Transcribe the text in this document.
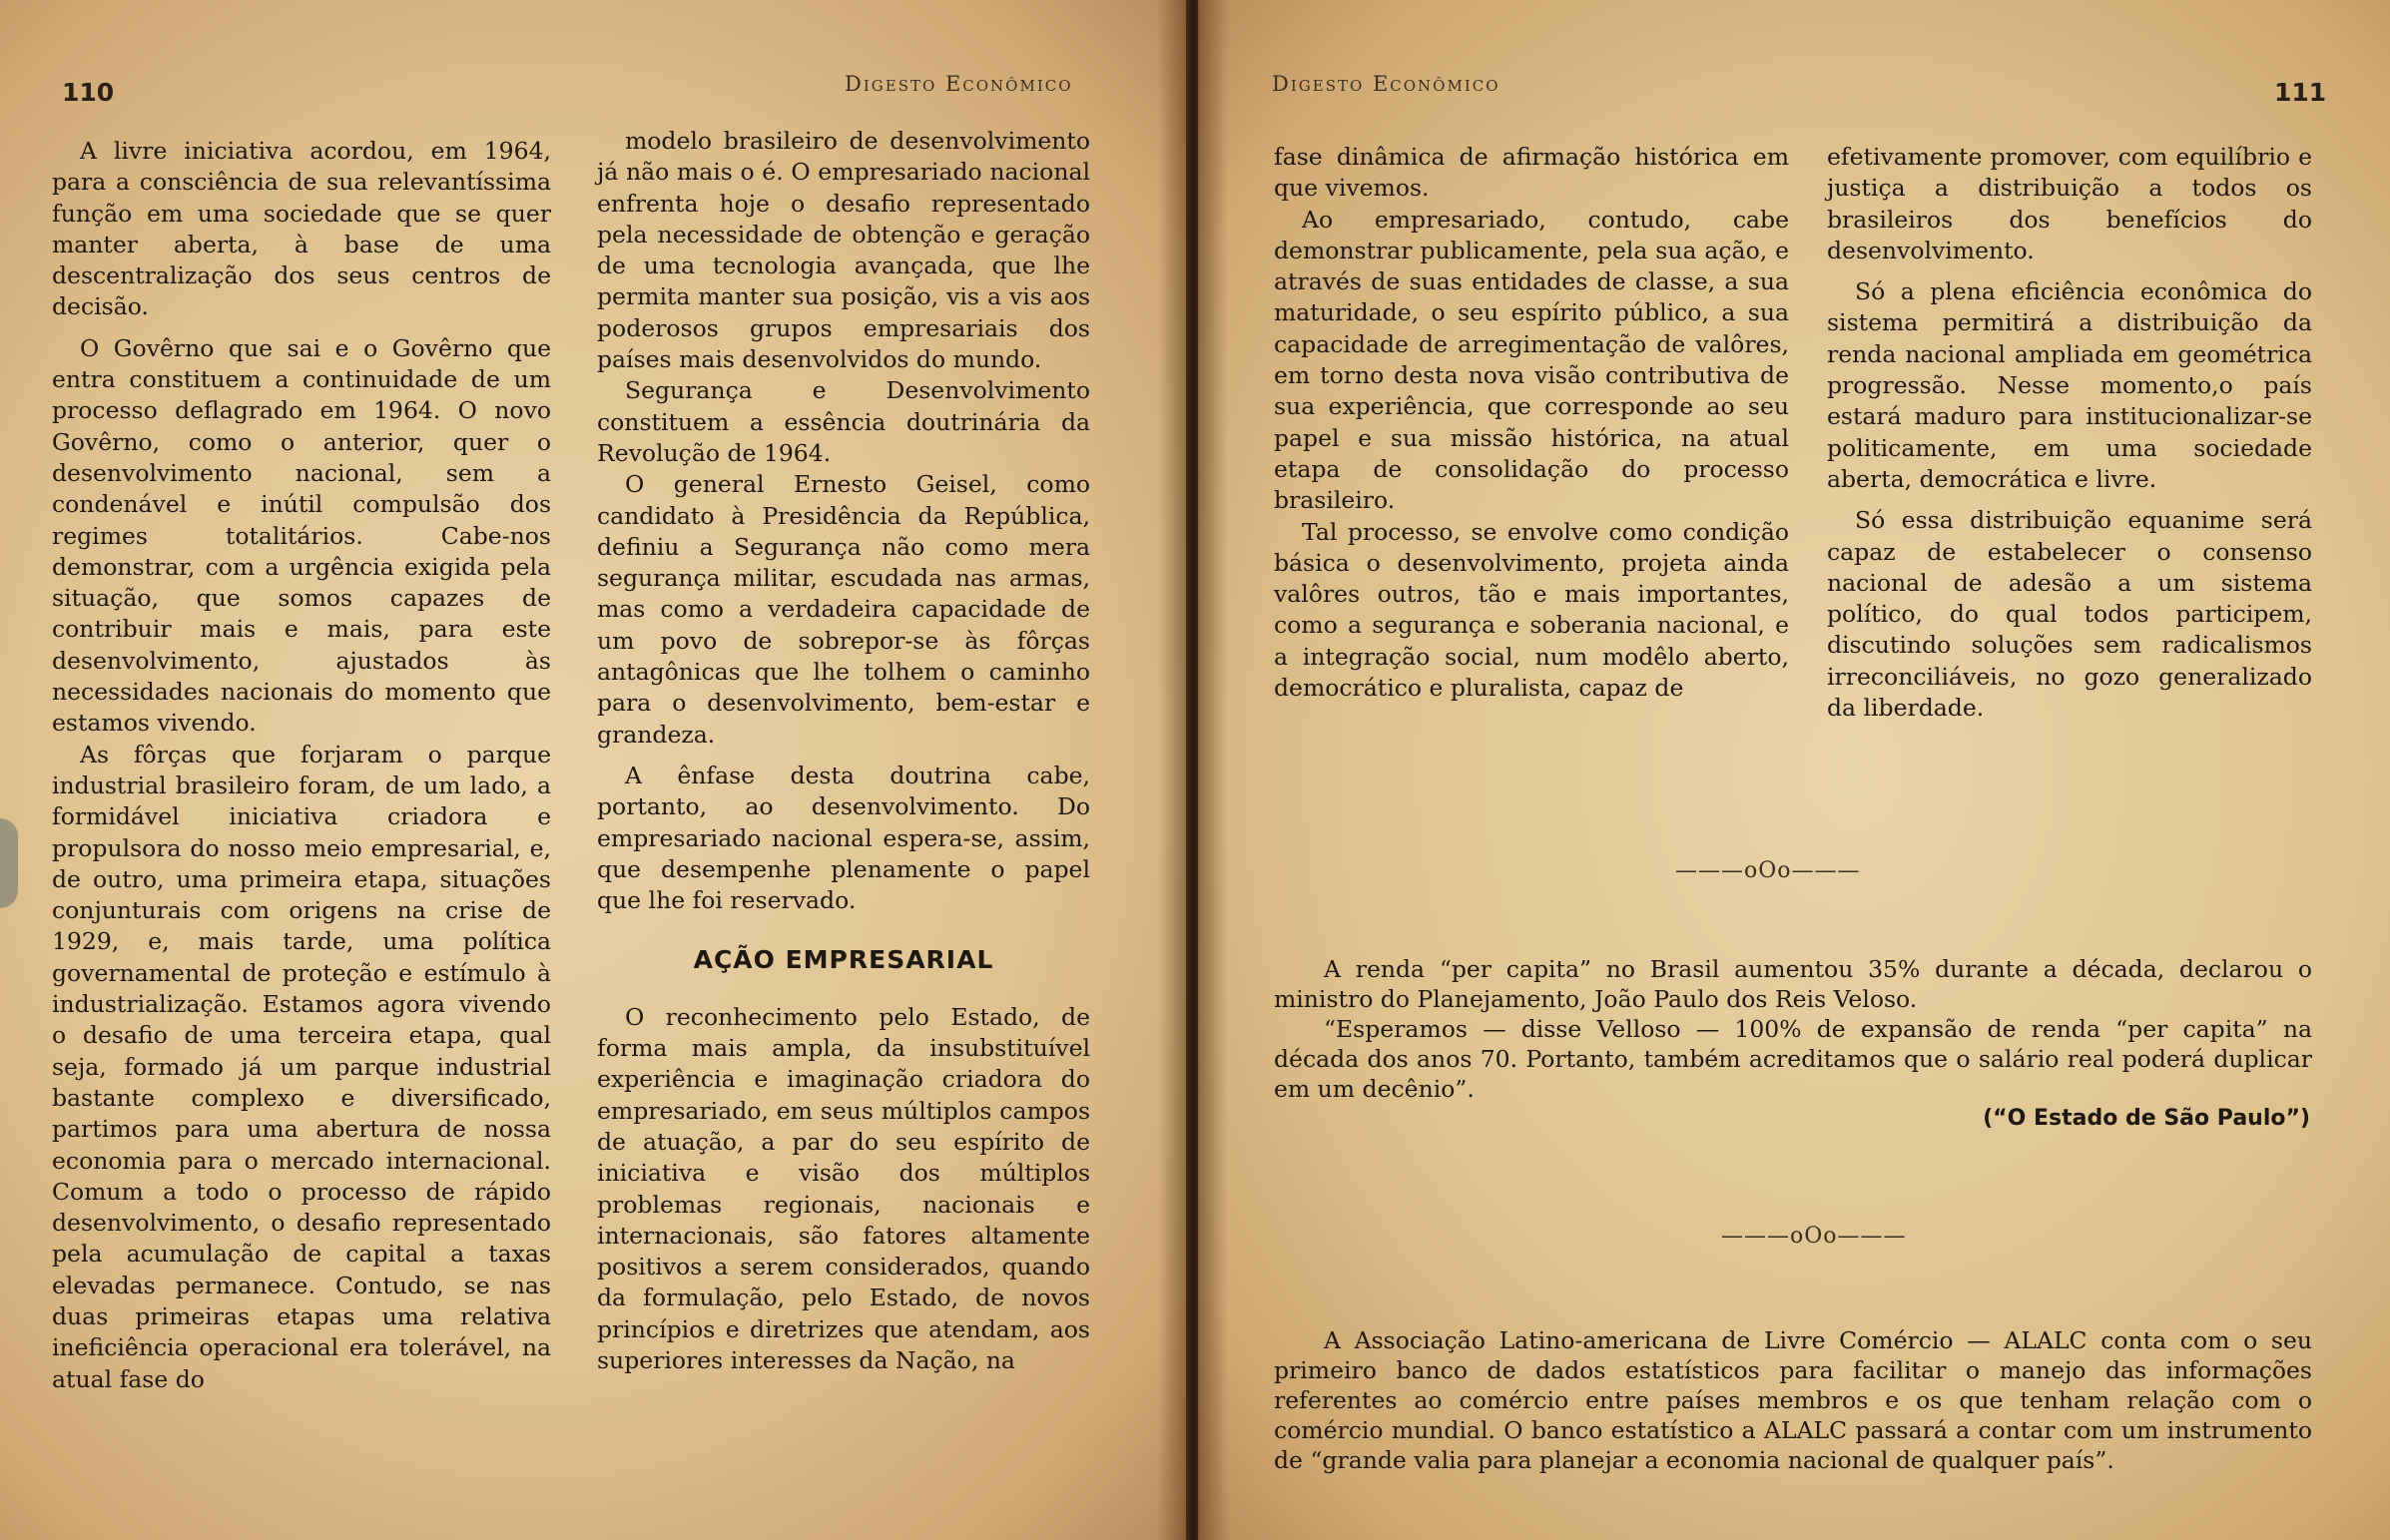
110	Digesto Econômico

A livre iniciativa acordou, em 1964, para a consciência de sua relevantíssima função em uma sociedade que se quer manter aberta, à base de uma descentralização dos seus centros de decisão.

O Govêrno que sai e o Govêrno que entra constituem a continuidade de um processo deflagrado em 1964. O novo Govêrno, como o anterior, quer o desenvolvimento nacional, sem a condenável e inútil compulsão dos regimes totalitários. Cabe-nos demonstrar, com a urgência exigida pela situação, que somos capazes de contribuir mais e mais, para este desenvolvimento, ajustados às necessidades nacionais do momento que estamos vivendo.

As fôrças que forjaram o parque industrial brasileiro foram, de um lado, a formidável iniciativa criadora e propulsora do nosso meio empresarial, e, de outro, uma primeira etapa, situações conjunturais com origens na crise de 1929, e, mais tarde, uma política governamental de proteção e estímulo à industrialização. Estamos agora vivendo o desafio de uma terceira etapa, qual seja, formado já um parque industrial bastante complexo e diversificado, partimos para uma abertura de nossa economia para o mercado internacional. Comum a todo o processo de rápido desenvolvimento, o desafio representado pela acumulação de capital a taxas elevadas permanece. Contudo, se nas duas primeiras etapas uma relativa ineficiência operacional era tolerável, na atual fase do

modelo brasileiro de desenvolvimento já não mais o é. O empresariado nacional enfrenta hoje o desafio representado pela necessidade de obtenção e geração de uma tecnologia avançada, que lhe permita manter sua posição, vis a vis aos poderosos grupos empresariais dos países mais desenvolvidos do mundo.

Segurança e Desenvolvimento constituem a essência doutrinária da Revolução de 1964.

O general Ernesto Geisel, como candidato à Presidência da República, definiu a Segurança não como mera segurança militar, escudada nas armas, mas como a verdadeira capacidade de um povo de sobrepor-se às fôrças antagônicas que lhe tolhem o caminho para o desenvolvimento, bem-estar e grandeza.

A ênfase desta doutrina cabe, portanto, ao desenvolvimento. Do empresariado nacional espera-se, assim, que desempenhe plenamente o papel que lhe foi reservado.

AÇÃO EMPRESARIAL

O reconhecimento pelo Estado, de forma mais ampla, da insubstituível experiência e imaginação criadora do empresariado, em seus múltiplos campos de atuação, a par do seu espírito de iniciativa e visão dos múltiplos problemas regionais, nacionais e internacionais, são fatores altamente positivos a serem considerados, quando da formulação, pelo Estado, de novos princípios e diretrizes que atendam, aos superiores interesses da Nação, na

Digesto Econômico	111

fase dinâmica de afirmação histórica em que vivemos.

Ao empresariado, contudo, cabe demonstrar publicamente, pela sua ação, e através de suas entidades de classe, a sua maturidade, o seu espírito público, a sua capacidade de arregimentação de valôres, em torno desta nova visão contributiva de sua experiência, que corresponde ao seu papel e sua missão histórica, na atual etapa de consolidação do processo brasileiro.

Tal processo, se envolve como condição básica o desenvolvimento, projeta ainda valôres outros, tão e mais importantes, como a segurança e soberania nacional, e a integração social, num modêlo aberto, democrático e pluralista, capaz de

efetivamente promover, com equilíbrio e justiça a distribuição a todos os brasileiros dos benefícios do desenvolvimento.

Só a plena eficiência econômica do sistema permitirá a distribuição da renda nacional ampliada em geométrica progressão. Nesse momento,o país estará maduro para institucionalizar-se politicamente, em uma sociedade aberta, democrática e livre.

Só essa distribuição equanime será capaz de estabelecer o consenso nacional de adesão a um sistema político, do qual todos participem, discutindo soluções sem radicalismos irreconciliáveis, no gozo generalizado da liberdade.

———oOo———

A renda “per capita” no Brasil aumentou 35% durante a década, declarou o ministro do Planejamento, João Paulo dos Reis Veloso.

“Esperamos — disse Velloso — 100% de expansão de renda “per capita” na década dos anos 70. Portanto, também acreditamos que o salário real poderá duplicar em um decênio”.

(“O Estado de São Paulo”)
———oOo———

A Associação Latino-americana de Livre Comércio — ALALC conta com o seu primeiro banco de dados estatísticos para facilitar o manejo das informações referentes ao comércio entre países membros e os que tenham relação com o comércio mundial. O banco estatístico a ALALC passará a contar com um instrumento de “grande valia para planejar a economia nacional de qualquer país”.
